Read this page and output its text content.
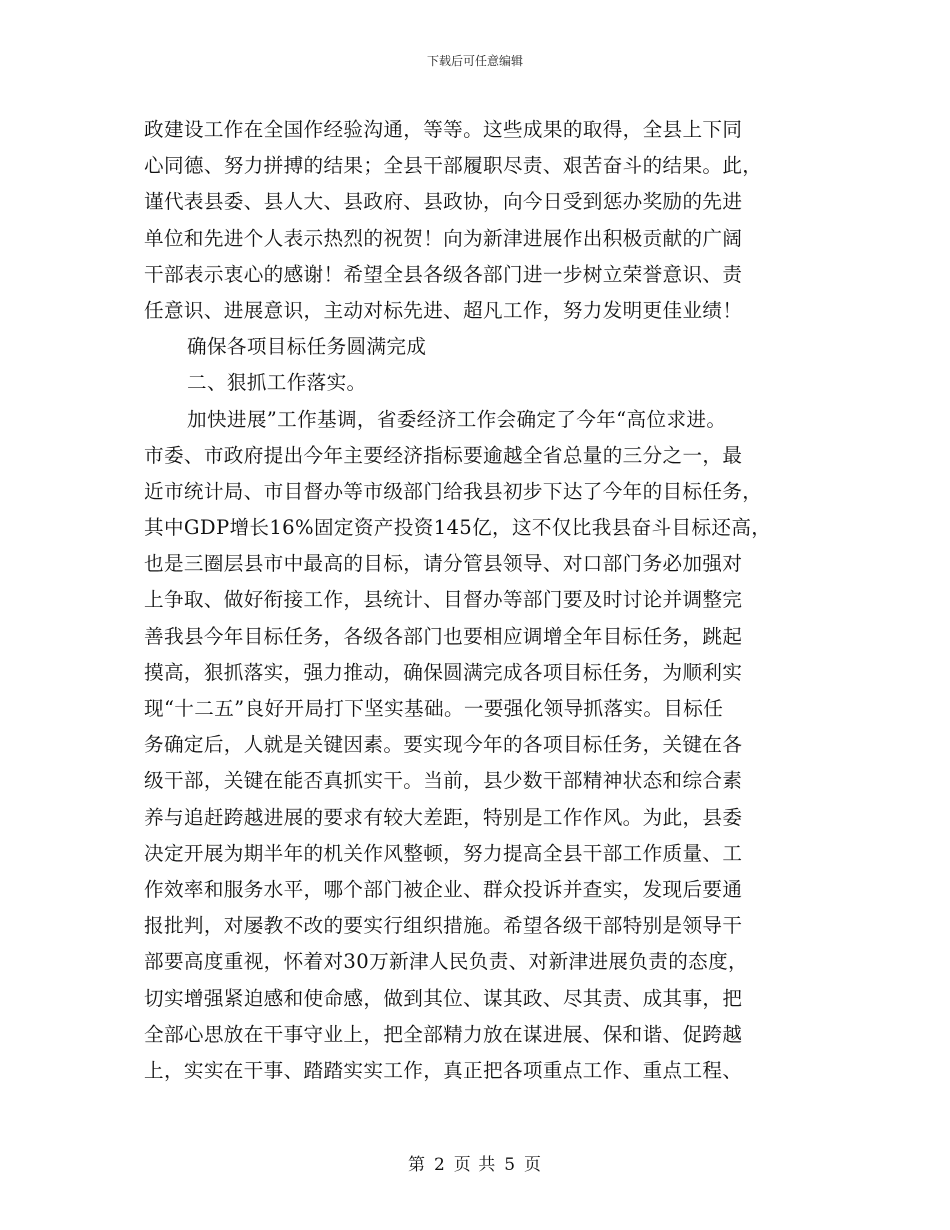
下载后可任意编辑
政建设工作在全国作经验沟通，等等。这些成果的取得，全县上下同
心同德、努力拼搏的结果；全县干部履职尽责、艰苦奋斗的结果。此，
谨代表县委、县人大、县政府、县政协，向今日受到惩办奖励的先进
单位和先进个人表示热烈的祝贺！向为新津进展作出积极贡献的广阔
干部表示衷心的感谢！希望全县各级各部门进一步树立荣誉意识、责
任意识、进展意识，主动对标先进、超凡工作，努力发明更佳业绩！
确保各项目标任务圆满完成
二、狠抓工作落实。
加快进展”工作基调，省委经济工作会确定了今年“高位求进。
市委、市政府提出今年主要经济指标要逾越全省总量的三分之一，最
近市统计局、市目督办等市级部门给我县初步下达了今年的目标任务，
其中GDP增长16%固定资产投资145亿，这不仅比我县奋斗目标还高，
也是三圈层县市中最高的目标，请分管县领导、对口部门务必加强对
上争取、做好衔接工作，县统计、目督办等部门要及时讨论并调整完
善我县今年目标任务，各级各部门也要相应调增全年目标任务，跳起
摸高，狠抓落实，强力推动，确保圆满完成各项目标任务，为顺利实
现“十二五”良好开局打下坚实基础。一要强化领导抓落实。目标任
务确定后，人就是关键因素。要实现今年的各项目标任务，关键在各
级干部，关键在能否真抓实干。当前，县少数干部精神状态和综合素
养与追赶跨越进展的要求有较大差距，特别是工作作风。为此，县委
决定开展为期半年的机关作风整顿，努力提高全县干部工作质量、工
作效率和服务水平，哪个部门被企业、群众投诉并查实，发现后要通
报批判，对屡教不改的要实行组织措施。希望各级干部特别是领导干
部要高度重视，怀着对30万新津人民负责、对新津进展负责的态度，
切实增强紧迫感和使命感，做到其位、谋其政、尽其责、成其事，把
全部心思放在干事守业上，把全部精力放在谋进展、保和谐、促跨越
上，实实在干事、踏踏实实工作，真正把各项重点工作、重点工程、
第 2 页 共 5 页
